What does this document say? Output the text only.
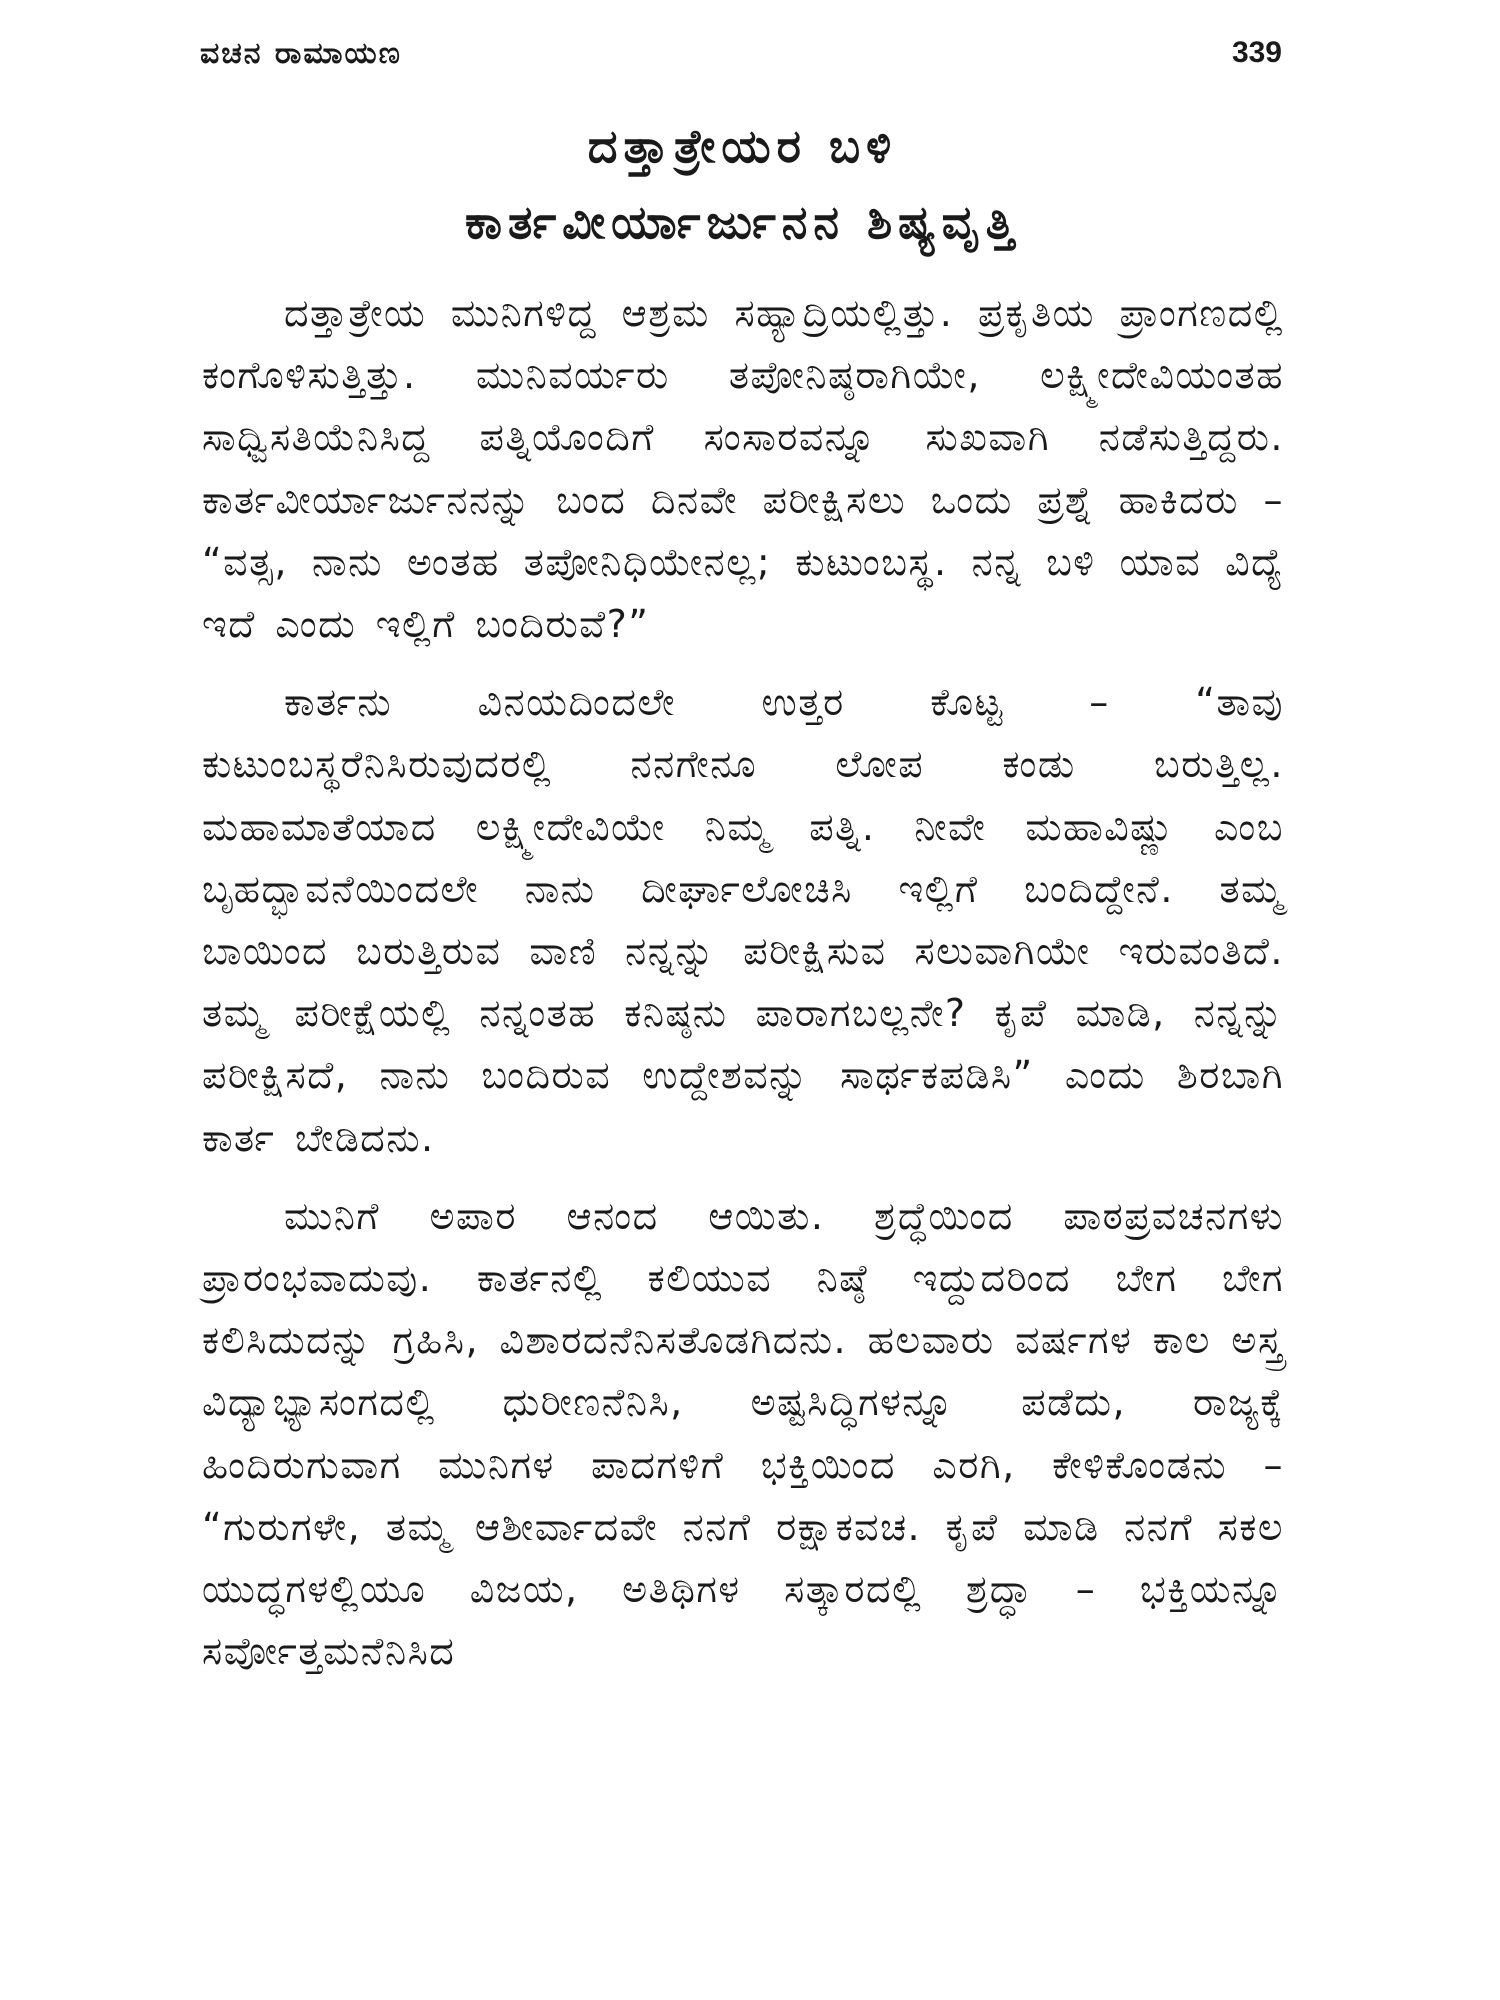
ವಚನ ರಾಮಾಯಣ	339
ದತ್ತಾತ್ರೇಯರ ಬಳಿ
ಕಾರ್ತವೀರ್ಯಾರ್ಜುನನ ಶಿಷ್ಯವೃತ್ತಿ

ದತ್ತಾತ್ರೇಯ ಮುನಿಗಳಿದ್ದ ಆಶ್ರಮ ಸಹ್ಯಾದ್ರಿಯಲ್ಲಿತ್ತು. ಪ್ರಕೃತಿಯ ಪ್ರಾಂಗಣದಲ್ಲಿ ಕಂಗೊಳಿಸುತ್ತಿತ್ತು. ಮುನಿವರ್ಯರು ತಪೋನಿಷ್ಠರಾಗಿಯೇ, ಲಕ್ಷ್ಮೀದೇವಿಯಂತಹ ಸಾಧ್ವಿಸತಿಯೆನಿಸಿದ್ದ ಪತ್ನಿಯೊಂದಿಗೆ ಸಂಸಾರವನ್ನೂ ಸುಖವಾಗಿ ನಡೆಸುತ್ತಿದ್ದರು. ಕಾರ್ತವೀರ್ಯಾರ್ಜುನನನ್ನು ಬಂದ ದಿನವೇ ಪರೀಕ್ಷಿಸಲು ಒಂದು ಪ್ರಶ್ನೆ ಹಾಕಿದರು – “ವತ್ಸ, ನಾನು ಅಂತಹ ತಪೋನಿಧಿಯೇನಲ್ಲ; ಕುಟುಂಬಸ್ಥ. ನನ್ನ ಬಳಿ ಯಾವ ವಿದ್ಯೆ ಇದೆ ಎಂದು ಇಲ್ಲಿಗೆ ಬಂದಿರುವೆ?”

ಕಾರ್ತನು ವಿನಯದಿಂದಲೇ ಉತ್ತರ ಕೊಟ್ಟ – “ತಾವು ಕುಟುಂಬಸ್ಥರೆನಿಸಿರುವುದರಲ್ಲಿ ನನಗೇನೂ ಲೋಪ ಕಂಡು ಬರುತ್ತಿಲ್ಲ. ಮಹಾಮಾತೆಯಾದ ಲಕ್ಷ್ಮೀದೇವಿಯೇ ನಿಮ್ಮ ಪತ್ನಿ. ನೀವೇ ಮಹಾವಿಷ್ಣು ಎಂಬ ಬೃಹದ್ಭಾವನೆಯಿಂದಲೇ ನಾನು ದೀರ್ಘಾಲೋಚಿಸಿ ಇಲ್ಲಿಗೆ ಬಂದಿದ್ದೇನೆ. ತಮ್ಮ ಬಾಯಿಂದ ಬರುತ್ತಿರುವ ವಾಣಿ ನನ್ನನ್ನು ಪರೀಕ್ಷಿಸುವ ಸಲುವಾಗಿಯೇ ಇರುವಂತಿದೆ. ತಮ್ಮ ಪರೀಕ್ಷೆಯಲ್ಲಿ ನನ್ನಂತಹ ಕನಿಷ್ಠನು ಪಾರಾಗಬಲ್ಲನೇ? ಕೃಪೆ ಮಾಡಿ, ನನ್ನನ್ನು ಪರೀಕ್ಷಿಸದೆ, ನಾನು ಬಂದಿರುವ ಉದ್ದೇಶವನ್ನು ಸಾರ್ಥಕಪಡಿಸಿ” ಎಂದು ಶಿರಬಾಗಿ ಕಾರ್ತ ಬೇಡಿದನು.

ಮುನಿಗೆ ಅಪಾರ ಆನಂದ ಆಯಿತು. ಶ್ರದ್ಧೆಯಿಂದ ಪಾಠಪ್ರವಚನಗಳು ಪ್ರಾರಂಭವಾದುವು. ಕಾರ್ತನಲ್ಲಿ ಕಲಿಯುವ ನಿಷ್ಠೆ ಇದ್ದುದರಿಂದ ಬೇಗ ಬೇಗ ಕಲಿಸಿದುದನ್ನು ಗ್ರಹಿಸಿ, ವಿಶಾರದನೆನಿಸತೊಡಗಿದನು. ಹಲವಾರು ವರ್ಷಗಳ ಕಾಲ ಅಸ್ತ್ರ ವಿದ್ಯಾಭ್ಯಾಸಂಗದಲ್ಲಿ ಧುರೀಣನೆನಿಸಿ, ಅಷ್ಟಸಿದ್ಧಿಗಳನ್ನೂ ಪಡೆದು, ರಾಜ್ಯಕ್ಕೆ ಹಿಂದಿರುಗುವಾಗ ಮುನಿಗಳ ಪಾದಗಳಿಗೆ ಭಕ್ತಿಯಿಂದ ಎರಗಿ, ಕೇಳಿಕೊಂಡನು – “ಗುರುಗಳೇ, ತಮ್ಮ ಆಶೀರ್ವಾದವೇ ನನಗೆ ರಕ್ಷಾಕವಚ. ಕೃಪೆ ಮಾಡಿ ನನಗೆ ಸಕಲ ಯುದ್ಧಗಳಲ್ಲಿಯೂ ವಿಜಯ, ಅತಿಥಿಗಳ ಸತ್ಕಾರದಲ್ಲಿ ಶ್ರದ್ಧಾ – ಭಕ್ತಿಯನ್ನೂ ಸರ್ವೋತ್ತಮನೆನಿಸಿದ
